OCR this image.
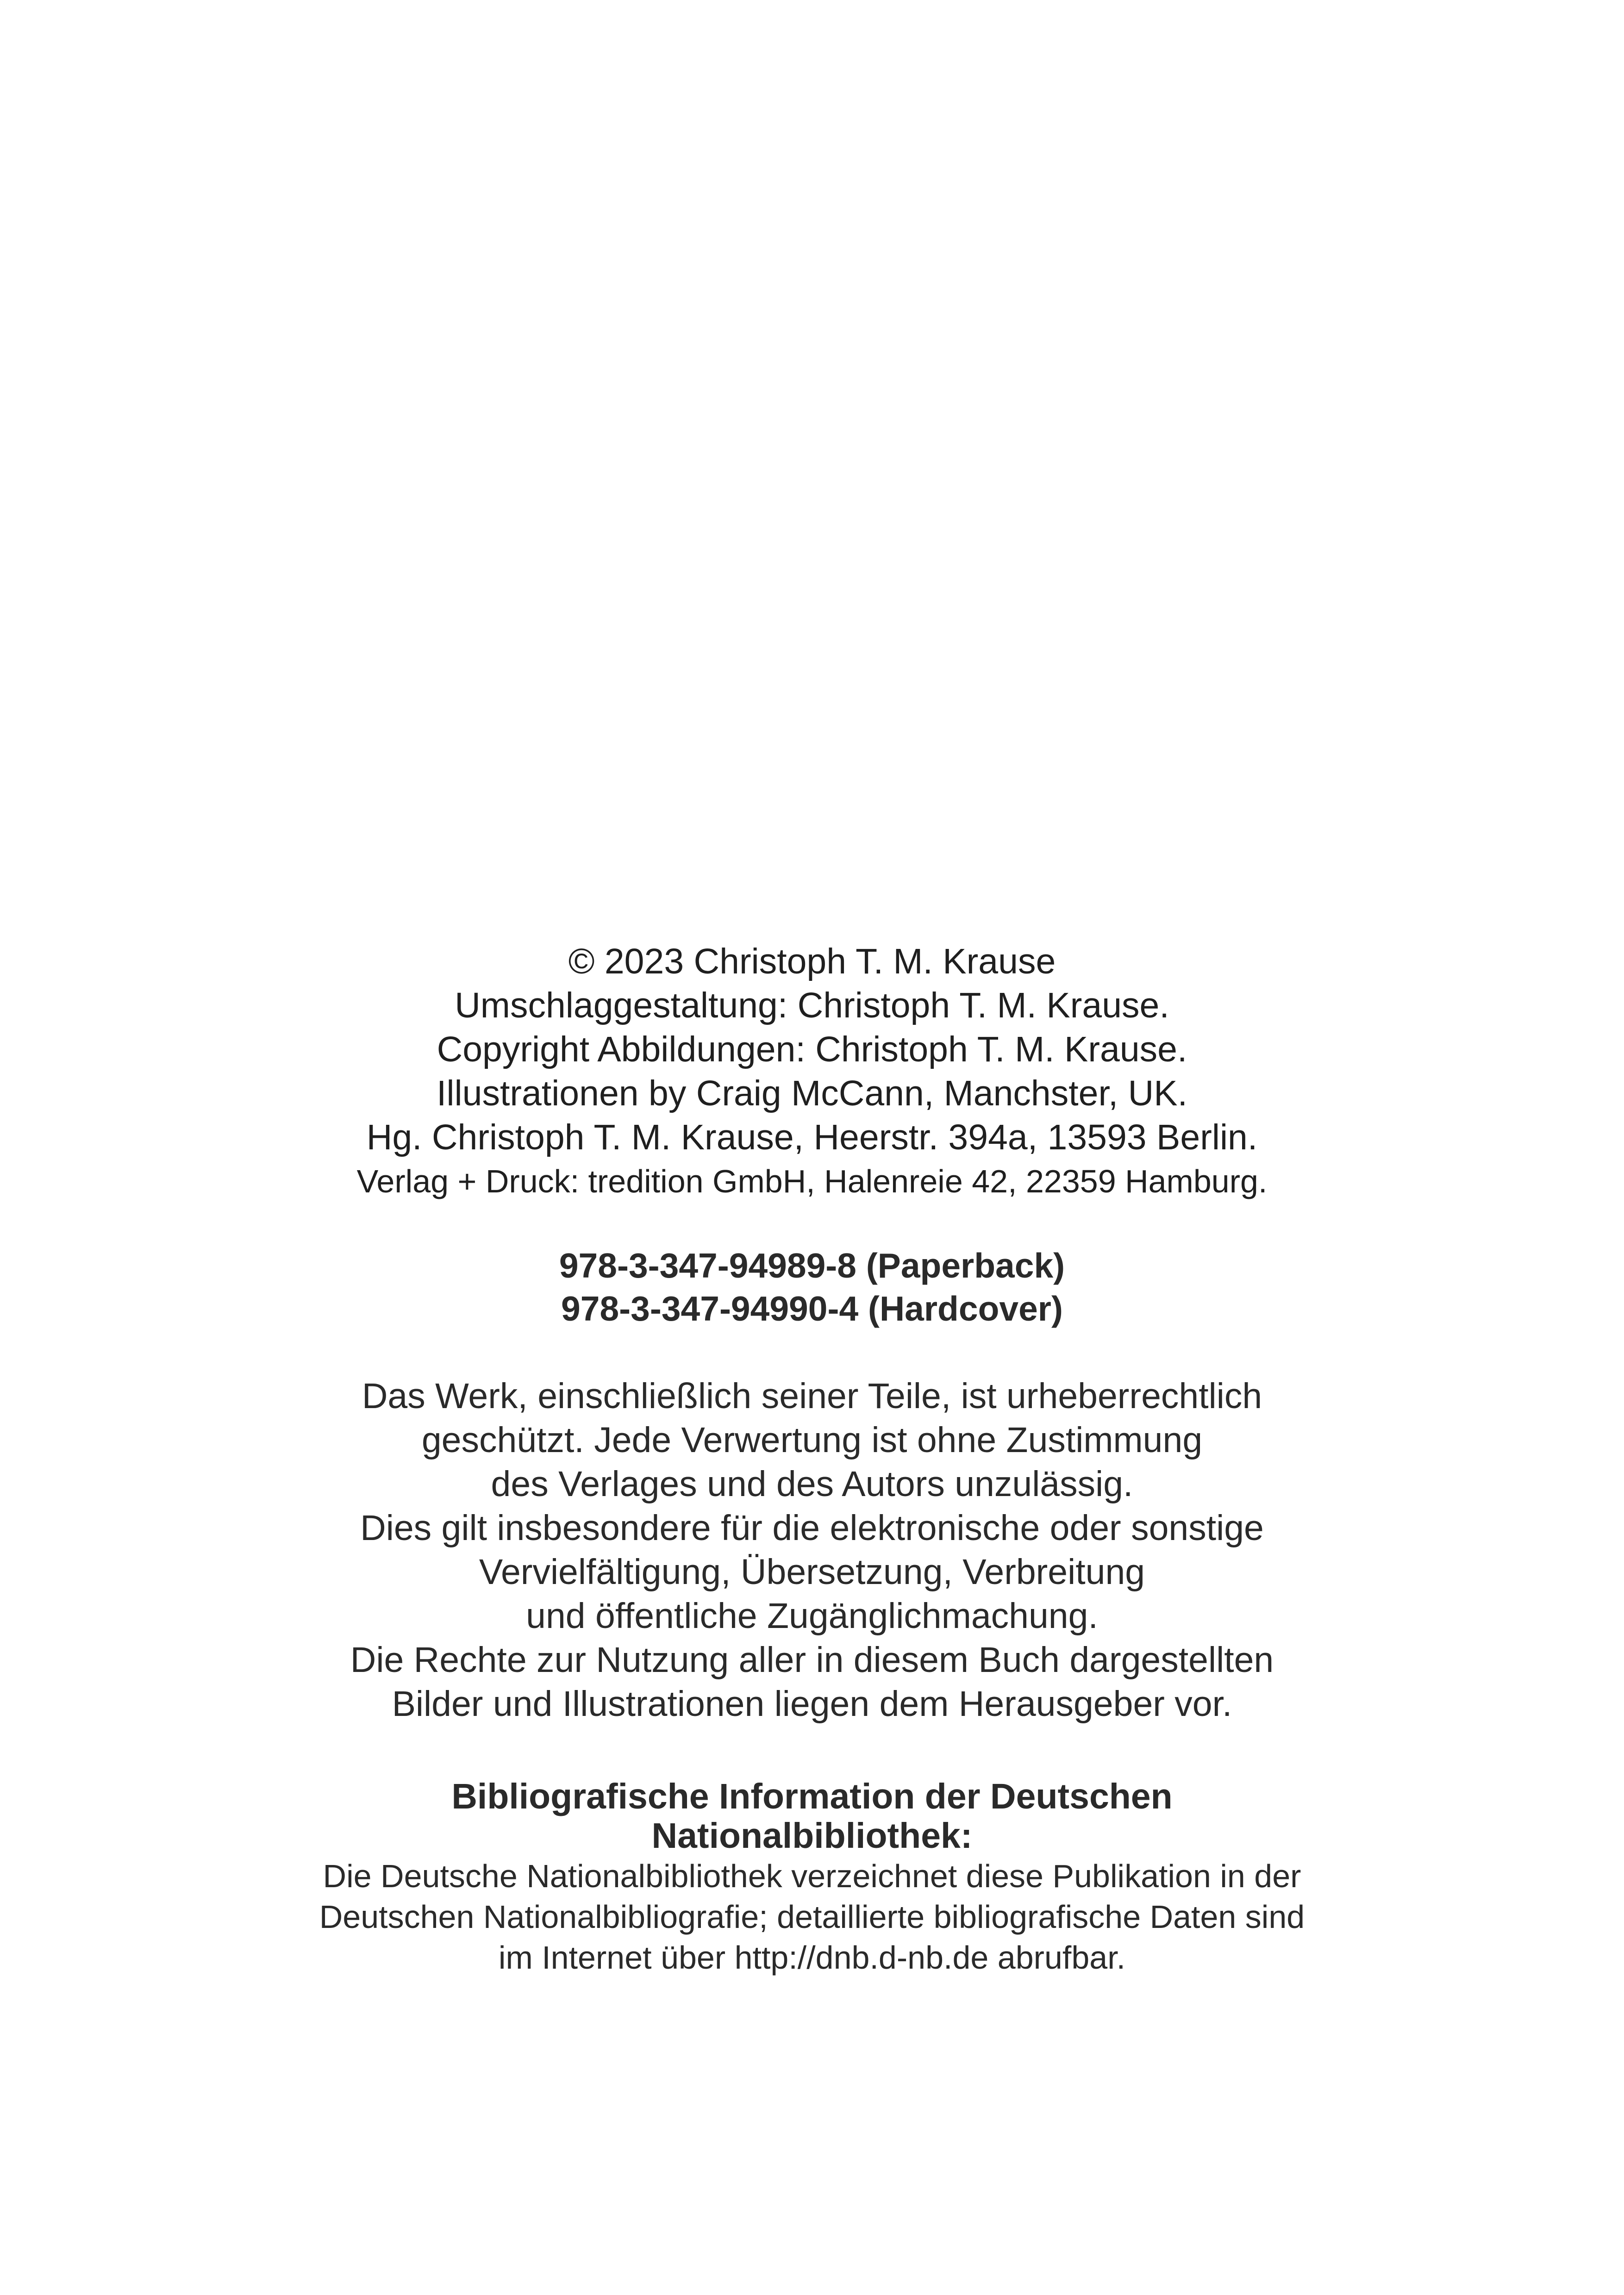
© 2023 Christoph T. M. Krause
Umschlaggestaltung: Christoph T. M. Krause.
Copyright Abbildungen: Christoph T. M. Krause.
Illustrationen by Craig McCann, Manchster, UK.
Hg. Christoph T. M. Krause, Heerstr. 394a, 13593 Berlin.
Verlag + Druck: tredition GmbH, Halenreie 42, 22359 Hamburg.
978-3-347-94989-8 (Paperback)
978-3-347-94990-4 (Hardcover)
Das Werk, einschließlich seiner Teile, ist urheberrechtlich
geschützt. Jede Verwertung ist ohne Zustimmung
des Verlages und des Autors unzulässig.
Dies gilt insbesondere für die elektronische oder sonstige
Vervielfältigung, Übersetzung, Verbreitung
und öffentliche Zugänglichmachung.
Die Rechte zur Nutzung aller in diesem Buch dargestellten
Bilder und Illustrationen liegen dem Herausgeber vor.
Bibliografische Information der Deutschen
Nationalbibliothek:
Die Deutsche Nationalbibliothek verzeichnet diese Publikation in der
Deutschen Nationalbibliografie; detaillierte bibliografische Daten sind
im Internet über http://dnb.d-nb.de abrufbar.
